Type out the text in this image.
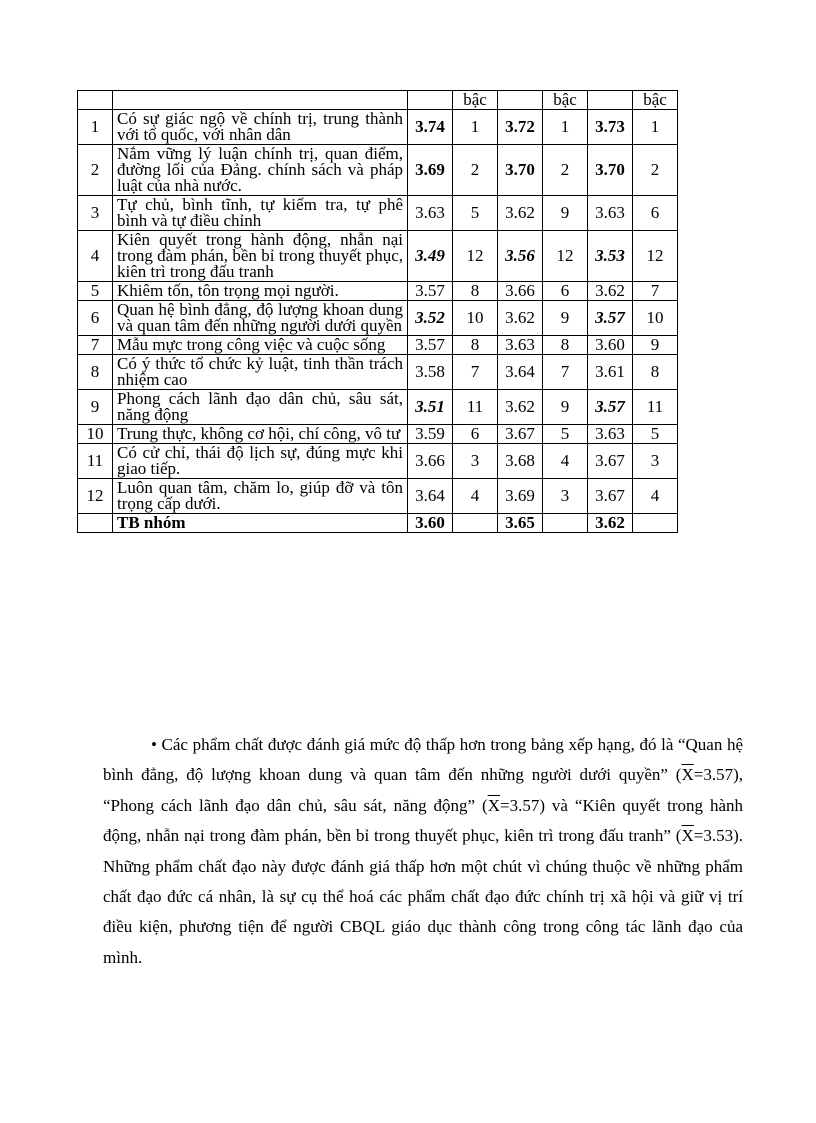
			bậc		bậc		bậc
1	Có sự giác ngộ về chính trị, trung thành với tổ quốc, với nhân dân	3.74	1	3.72	1	3.73	1
2	Nắm vững lý luận chính trị, quan điểm, đường lối của Đảng. chính sách và pháp luật của nhà nước.	3.69	2	3.70	2	3.70	2
3	Tự chủ, bình tĩnh, tự kiểm tra, tự phê bình và tự điều chỉnh	3.63	5	3.62	9	3.63	6
4	Kiên quyết trong hành động, nhẫn nại trong đàm phán, bền bỉ trong thuyết phục, kiên trì trong đấu tranh	3.49	12	3.56	12	3.53	12
5	Khiêm tốn, tôn trọng mọi người.	3.57	8	3.66	6	3.62	7
6	Quan hệ bình đẳng, độ lượng khoan dung và quan tâm đến những người dưới quyền	3.52	10	3.62	9	3.57	10
7	Mẫu mực trong công việc và cuộc sống	3.57	8	3.63	8	3.60	9
8	Có ý thức tổ chức kỷ luật, tinh thần trách nhiệm cao	3.58	7	3.64	7	3.61	8
9	Phong cách lãnh đạo dân chủ, sâu sát, năng động	3.51	11	3.62	9	3.57	11
10	Trung thực, không cơ hội, chí công, vô tư	3.59	6	3.67	5	3.63	5
11	Có cử chỉ, thái độ lịch sự, đúng mực khi giao tiếp.	3.66	3	3.68	4	3.67	3
12	Luôn quan tâm, chăm lo, giúp đỡ và tôn trọng cấp dưới.	3.64	4	3.69	3	3.67	4
	TB nhóm	3.60		3.65		3.62	

• Các phẩm chất được đánh giá mức độ thấp hơn trong bảng xếp hạng, đó là “Quan hệ bình đẳng, độ lượng khoan dung và quan tâm đến những người dưới quyền” $(\overline{X}=3.57)$, “Phong cách lãnh đạo dân chủ, sâu sát, năng động” $(\overline{X}=3.57)$ và “Kiên quyết trong hành động, nhẫn nại trong đàm phán, bền bỉ trong thuyết phục, kiên trì trong đấu tranh” $(\overline{X}=3.53)$. Những phẩm chất đạo này được đánh giá thấp hơn một chút vì chúng thuộc về những phẩm chất đạo đức cá nhân, là sự cụ thể hoá các phẩm chất đạo đức chính trị xã hội và giữ vị trí điều kiện, phương tiện để người CBQL giáo dục thành công trong công tác lãnh đạo của mình.
